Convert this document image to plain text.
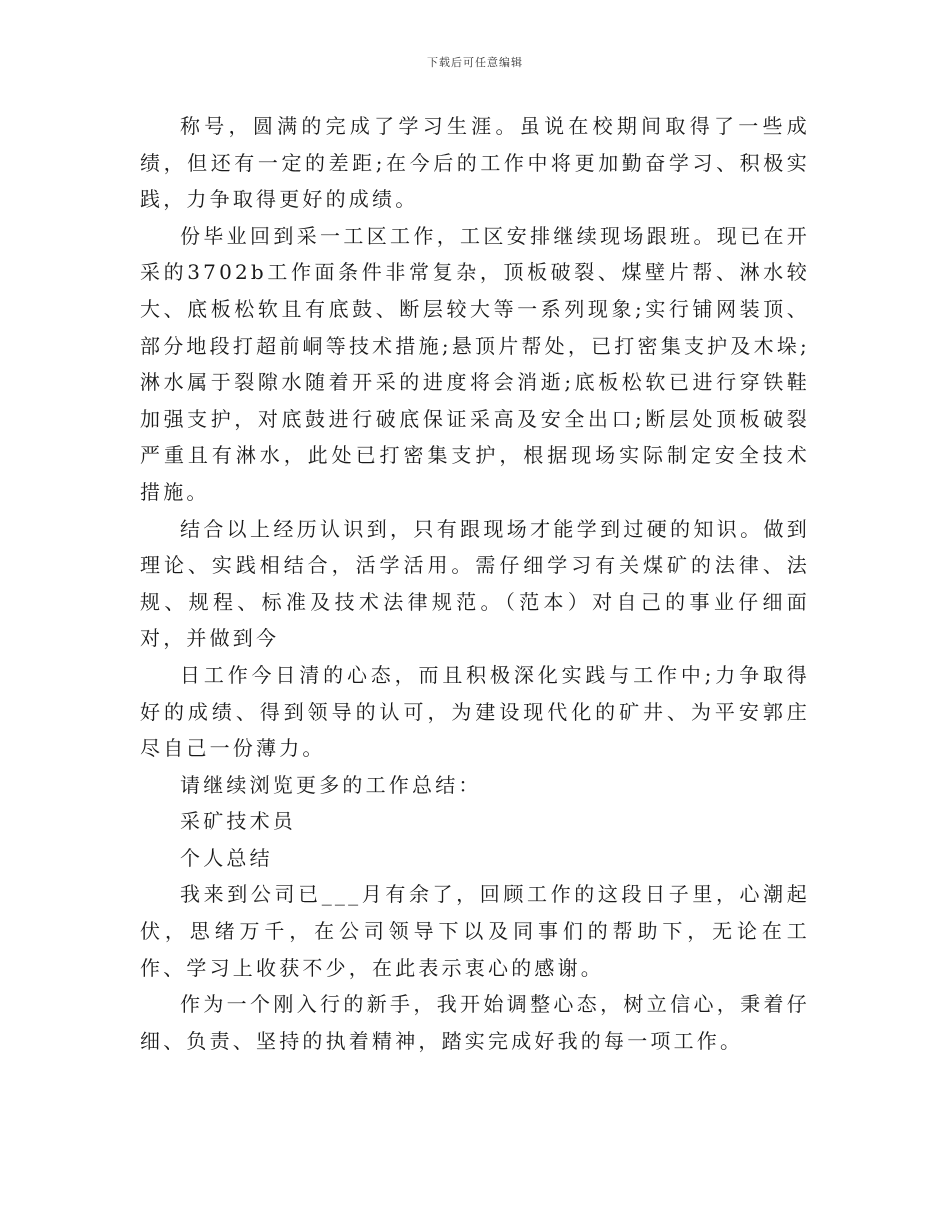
下载后可任意编辑

称号，圆满的完成了学习生涯。虽说在校期间取得了一些成绩，但还有一定的差距;在今后的工作中将更加勤奋学习、积极实践，力争取得更好的成绩。

份毕业回到采一工区工作，工区安排继续现场跟班。现已在开采的3702b工作面条件非常复杂，顶板破裂、煤壁片帮、淋水较大、底板松软且有底鼓、断层较大等一系列现象;实行铺网装顶、部分地段打超前峒等技术措施;悬顶片帮处，已打密集支护及木垛;淋水属于裂隙水随着开采的进度将会消逝;底板松软已进行穿铁鞋加强支护，对底鼓进行破底保证采高及安全出口;断层处顶板破裂严重且有淋水，此处已打密集支护，根据现场实际制定安全技术措施。

结合以上经历认识到，只有跟现场才能学到过硬的知识。做到理论、实践相结合，活学活用。需仔细学习有关煤矿的法律、法规、规程、标准及技术法律规范。（范本）对自己的事业仔细面对，并做到今

日工作今日清的心态，而且积极深化实践与工作中;力争取得好的成绩、得到领导的认可，为建设现代化的矿井、为平安郭庄尽自己一份薄力。

请继续浏览更多的工作总结：

采矿技术员

个人总结

我来到公司已___月有余了，回顾工作的这段日子里，心潮起伏，思绪万千，在公司领导下以及同事们的帮助下，无论在工作、学习上收获不少，在此表示衷心的感谢。

作为一个刚入行的新手，我开始调整心态，树立信心，秉着仔细、负责、坚持的执着精神，踏实完成好我的每一项工作。
